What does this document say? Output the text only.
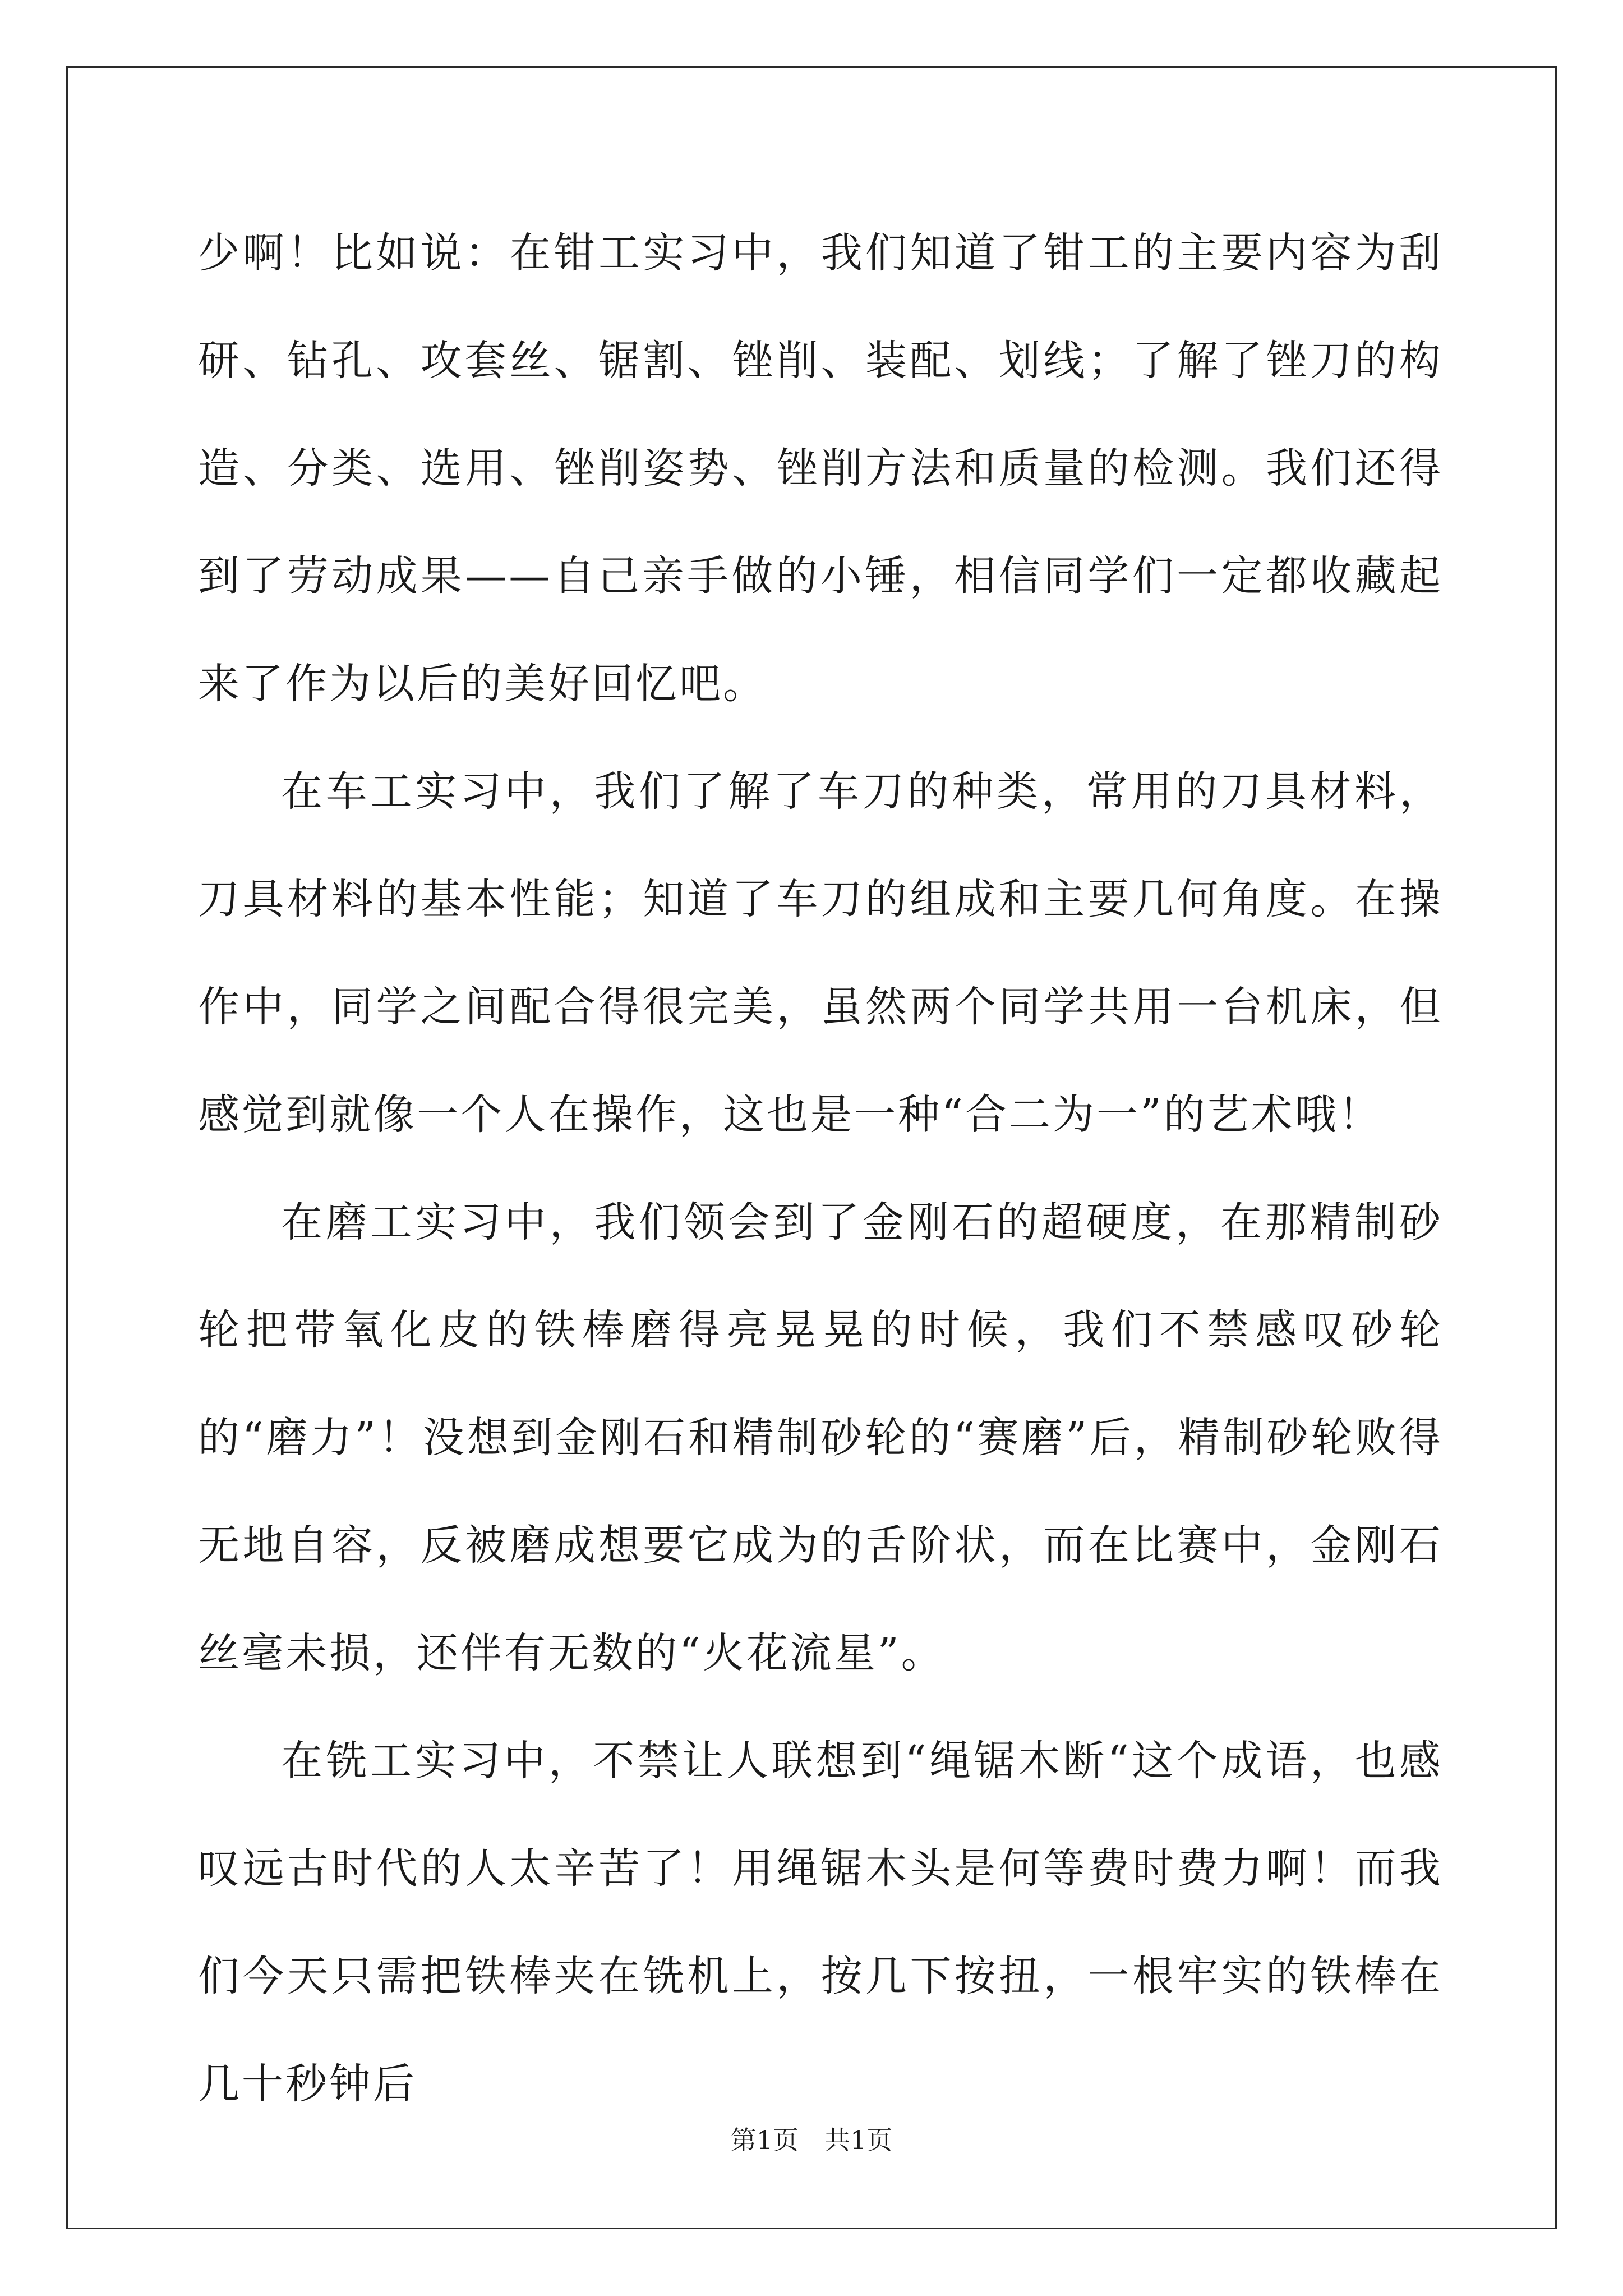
少啊！比如说：在钳工实习中，我们知道了钳工的主要内容为刮研、钻孔、攻套丝、锯割、锉削、装配、划线；了解了锉刀的构造、分类、选用、锉削姿势、锉削方法和质量的检测。我们还得到了劳动成果——自己亲手做的小锤，相信同学们一定都收藏起来了作为以后的美好回忆吧。

在车工实习中，我们了解了车刀的种类，常用的刀具材料，刀具材料的基本性能；知道了车刀的组成和主要几何角度。在操作中，同学之间配合得很完美，虽然两个同学共用一台机床，但感觉到就像一个人在操作，这也是一种“合二为一”的艺术哦！

在磨工实习中，我们领会到了金刚石的超硬度，在那精制砂轮把带氧化皮的铁棒磨得亮晃晃的时候，我们不禁感叹砂轮的“磨力”！没想到金刚石和精制砂轮的“赛磨”后，精制砂轮败得无地自容，反被磨成想要它成为的舌阶状，而在比赛中，金刚石丝毫未损，还伴有无数的“火花流星”。

在铣工实习中，不禁让人联想到“绳锯木断“这个成语，也感叹远古时代的人太辛苦了！用绳锯木头是何等费时费力啊！而我们今天只需把铁棒夹在铣机上，按几下按扭，一根牢实的铁棒在几十秒钟后

第1页　共1页
